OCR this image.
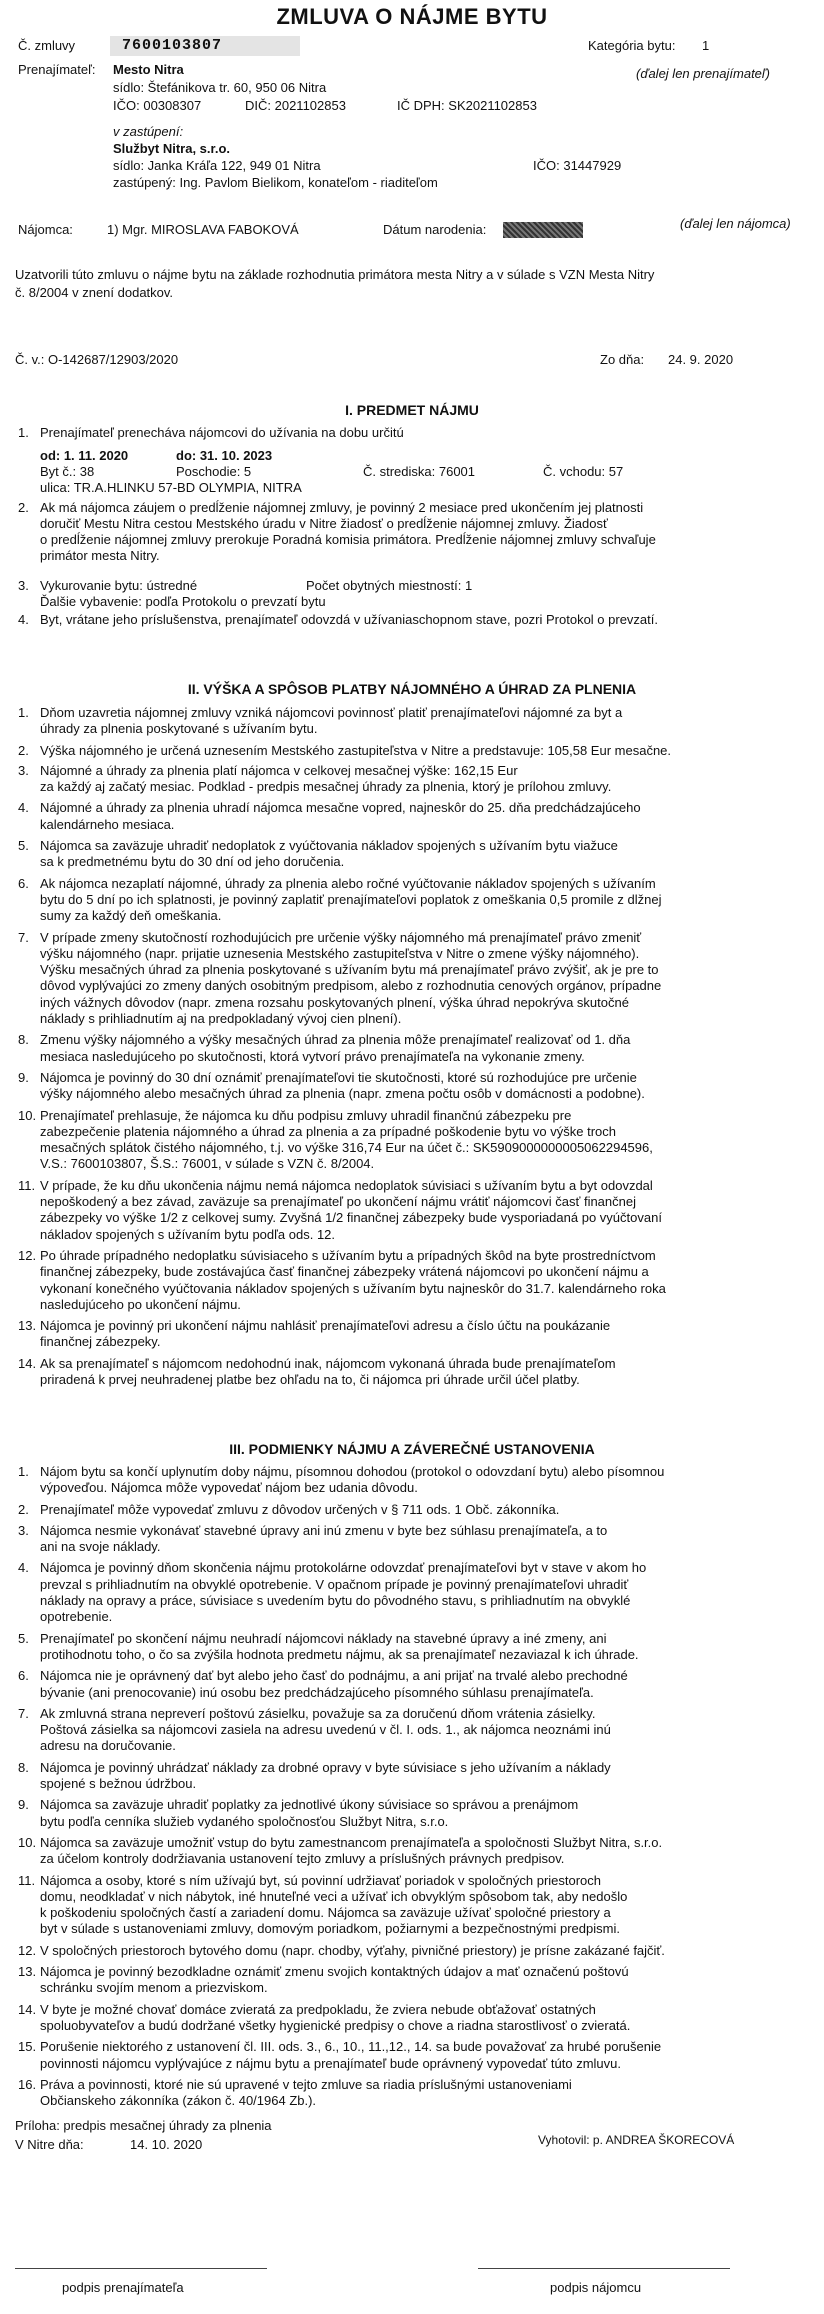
ZMLUVA O NÁJME BYTU
Č. zmluvy	7600103807	Kategória bytu: 1
Prenajímateľ: Mesto Nitra	(ďalej len prenajímateľ)
sídlo: Štefánikova tr. 60, 950 06 Nitra
IČO: 00308307	DIČ: 2021102853	IČ DPH: SK2021102853
v zastúpení:
Službyt Nitra, s.r.o.
sídlo: Janka Kráľa 122, 949 01 Nitra	IČO: 31447929
zastúpený: Ing. Pavlom Bielikom, konateľom - riaditeľom
Nájomca:	1) Mgr. MIROSLAVA FABOKOVÁ	Dátum narodenia:	(ďalej len nájomca)
Uzatvorili túto zmluvu o nájme bytu na základe rozhodnutia primátora mesta Nitry a v súlade s VZN Mesta Nitry
č. 8/2004 v znení dodatkov.
Č. v.: O-142687/12903/2020	Zo dňa: 24. 9. 2020
I. PREDMET NÁJMU
1. Prenajímateľ prenecháva nájomcovi do užívania na dobu určitú
od: 1. 11. 2020	do: 31. 10. 2023
Byt č.: 38	Poschodie: 5	Č. strediska: 76001	Č. vchodu: 57
ulica: TR.A.HLINKU 57-BD OLYMPIA, NITRA
2. Ak má nájomca záujem o predĺženie nájomnej zmluvy, je povinný 2 mesiace pred ukončením jej platnosti
doručiť Mestu Nitra cestou Mestského úradu v Nitre žiadosť o predĺženie nájomnej zmluvy. Žiadosť
o predĺženie nájomnej zmluvy prerokuje Poradná komisia primátora. Predĺženie nájomnej zmluvy schvaľuje
primátor mesta Nitry.
3. Vykurovanie bytu: ústredné	Počet obytných miestností: 1
Ďalšie vybavenie: podľa Protokolu o prevzatí bytu
4. Byt, vrátane jeho príslušenstva, prenajímateľ odovzdá v užívaniaschopnom stave, pozri Protokol o prevzatí.
II. VÝŠKA A SPÔSOB PLATBY NÁJOMNÉHO A ÚHRAD ZA PLNENIA
1. Dňom uzavretia nájomnej zmluvy vzniká nájomcovi povinnosť platiť prenajímateľovi nájomné za byt a
úhrady za plnenia poskytované s užívaním bytu.
2. Výška nájomného je určená uznesením Mestského zastupiteľstva v Nitre a predstavuje: 105,58 Eur mesačne.
3. Nájomné a úhrady za plnenia platí nájomca v celkovej mesačnej výške: 162,15 Eur
za každý aj začatý mesiac. Podklad - predpis mesačnej úhrady za plnenia, ktorý je prílohou zmluvy.
4. Nájomné a úhrady za plnenia uhradí nájomca mesačne vopred, najneskôr do 25. dňa predchádzajúceho
kalendárneho mesiaca.
5. Nájomca sa zaväzuje uhradiť nedoplatok z vyúčtovania nákladov spojených s užívaním bytu viažuce
sa k predmetnému bytu do 30 dní od jeho doručenia.
6. Ak nájomca nezaplatí nájomné, úhrady za plnenia alebo ročné vyúčtovanie nákladov spojených s užívaním
bytu do 5 dní po ich splatnosti, je povinný zaplatiť prenajímateľovi poplatok z omeškania 0,5 promile z dlžnej
sumy za každý deň omeškania.
7. V prípade zmeny skutočností rozhodujúcich pre určenie výšky nájomného má prenajímateľ právo zmeniť
výšku nájomného (napr. prijatie uznesenia Mestského zastupiteľstva v Nitre o zmene výšky nájomného).
Výšku mesačných úhrad za plnenia poskytované s užívaním bytu má prenajímateľ právo zvýšiť, ak je pre to
dôvod vyplývajúci zo zmeny daných osobitným predpisom, alebo z rozhodnutia cenových orgánov, prípadne
iných vážnych dôvodov (napr. zmena rozsahu poskytovaných plnení, výška úhrad nepokrýva skutočné
náklady s prihliadnutím aj na predpokladaný vývoj cien plnení).
8. Zmenu výšky nájomného a výšky mesačných úhrad za plnenia môže prenajímateľ realizovať od 1. dňa
mesiaca nasledujúceho po skutočnosti, ktorá vytvorí právo prenajímateľa na vykonanie zmeny.
9. Nájomca je povinný do 30 dní oznámiť prenajímateľovi tie skutočnosti, ktoré sú rozhodujúce pre určenie
výšky nájomného alebo mesačných úhrad za plnenia (napr. zmena počtu osôb v domácnosti a podobne).
10. Prenajímateľ prehlasuje, že nájomca ku dňu podpisu zmluvy uhradil finančnú zábezpeku pre
zabezpečenie platenia nájomného a úhrad za plnenia a za prípadné poškodenie bytu vo výške troch
mesačných splátok čistého nájomného, t.j. vo výške 316,74 Eur na účet č.: SK5909000000005062294596,
V.S.: 7600103807, Š.S.: 76001, v súlade s VZN č. 8/2004.
11. V prípade, že ku dňu ukončenia nájmu nemá nájomca nedoplatok súvisiaci s užívaním bytu a byt odovzdal
nepoškodený a bez závad, zaväzuje sa prenajímateľ po ukončení nájmu vrátiť nájomcovi časť finančnej
zábezpeky vo výške 1/2 z celkovej sumy. Zvyšná 1/2 finančnej zábezpeky bude vysporiadaná po vyúčtovaní
nákladov spojených s užívaním bytu podľa ods. 12.
12. Po úhrade prípadného nedoplatku súvisiaceho s užívaním bytu a prípadných škôd na byte prostredníctvom
finančnej zábezpeky, bude zostávajúca časť finančnej zábezpeky vrátená nájomcovi po ukončení nájmu a
vykonaní konečného vyúčtovania nákladov spojených s užívaním bytu najneskôr do 31.7. kalendárneho roka
nasledujúceho po ukončení nájmu.
13. Nájomca je povinný pri ukončení nájmu nahlásiť prenajímateľovi adresu a číslo účtu na poukázanie
finančnej zábezpeky.
14. Ak sa prenajímateľ s nájomcom nedohodnú inak, nájomcom vykonaná úhrada bude prenajímateľom
priradená k prvej neuhradenej platbe bez ohľadu na to, či nájomca pri úhrade určil účel platby.
III. PODMIENKY NÁJMU A ZÁVEREČNÉ USTANOVENIA
1. Nájom bytu sa končí uplynutím doby nájmu, písomnou dohodou (protokol o odovzdaní bytu) alebo písomnou
výpoveďou. Nájomca môže vypovedať nájom bez udania dôvodu.
2. Prenajímateľ môže vypovedať zmluvu z dôvodov určených v § 711 ods. 1 Obč. zákonníka.
3. Nájomca nesmie vykonávať stavebné úpravy ani inú zmenu v byte bez súhlasu prenajímateľa, a to
ani na svoje náklady.
4. Nájomca je povinný dňom skončenia nájmu protokolárne odovzdať prenajímateľovi byt v stave v akom ho
prevzal s prihliadnutím na obvyklé opotrebenie. V opačnom prípade je povinný prenajímateľovi uhradiť
náklady na opravy a práce, súvisiace s uvedením bytu do pôvodného stavu, s prihliadnutím na obvyklé
opotrebenie.
5. Prenajímateľ po skončení nájmu neuhradí nájomcovi náklady na stavebné úpravy a iné zmeny, ani
protihodnotu toho, o čo sa zvýšila hodnota predmetu nájmu, ak sa prenajímateľ nezaviazal k ich úhrade.
6. Nájomca nie je oprávnený dať byt alebo jeho časť do podnájmu, a ani prijať na trvalé alebo prechodné
bývanie (ani prenocovanie) inú osobu bez predchádzajúceho písomného súhlasu prenajímateľa.
7. Ak zmluvná strana nepreverí poštovú zásielku, považuje sa za doručenú dňom vrátenia zásielky.
Poštová zásielka sa nájomcovi zasiela na adresu uvedenú v čl. I. ods. 1., ak nájomca neoznámi inú
adresu na doručovanie.
8. Nájomca je povinný uhrádzať náklady za drobné opravy v byte súvisiace s jeho užívaním a náklady
spojené s bežnou údržbou.
9. Nájomca sa zaväzuje uhradiť poplatky za jednotlivé úkony súvisiace so správou a prenájmom
bytu podľa cenníka služieb vydaného spoločnosťou Službyt Nitra, s.r.o.
10. Nájomca sa zaväzuje umožniť vstup do bytu zamestnancom prenajímateľa a spoločnosti Službyt Nitra, s.r.o.
za účelom kontroly dodržiavania ustanovení tejto zmluvy a príslušných právnych predpisov.
11. Nájomca a osoby, ktoré s ním užívajú byt, sú povinní udržiavať poriadok v spoločných priestoroch
domu, neodkladať v nich nábytok, iné hnuteľné veci a užívať ich obvyklým spôsobom tak, aby nedošlo
k poškodeniu spoločných častí a zariadení domu. Nájomca sa zaväzuje užívať spoločné priestory a
byt v súlade s ustanoveniami zmluvy, domovým poriadkom, požiarnymi a bezpečnostnými predpismi.
12. V spoločných priestoroch bytového domu (napr. chodby, výťahy, pivničné priestory) je prísne zakázané fajčiť.
13. Nájomca je povinný bezodkladne oznámiť zmenu svojich kontaktných údajov a mať označenú poštovú
schránku svojím menom a priezviskom.
14. V byte je možné chovať domáce zvieratá za predpokladu, že zviera nebude obťažovať ostatných
spoluobyvateľov a budú dodržané všetky hygienické predpisy o chove a riadna starostlivosť o zvieratá.
15. Porušenie niektorého z ustanovení čl. III. ods. 3., 6., 10., 11.,12., 14. sa bude považovať za hrubé porušenie
povinnosti nájomcu vyplývajúce z nájmu bytu a prenajímateľ bude oprávnený vypovedať túto zmluvu.
16. Práva a povinnosti, ktoré nie sú upravené v tejto zmluve sa riadia príslušnými ustanoveniami
Občianskeho zákonníka (zákon č. 40/1964 Zb.).
Príloha: predpis mesačnej úhrady za plnenia
V Nitre dňa:	14. 10. 2020	Vyhotovil: p. ANDREA ŠKORECOVÁ
podpis prenajímateľa	podpis nájomcu
